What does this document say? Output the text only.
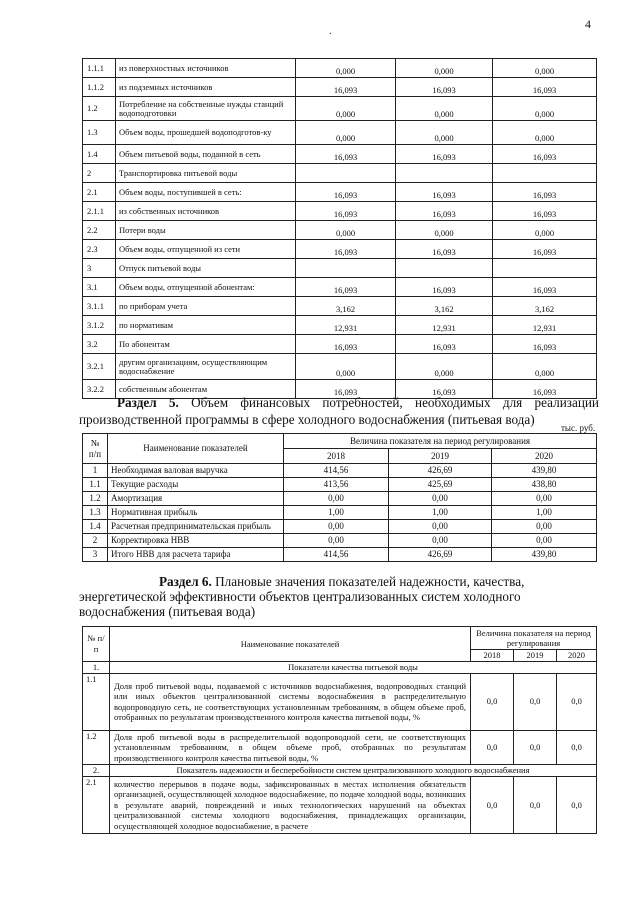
4
.
1.1.1	из поверхностных источников	0,000	0,000	0,000
1.1.2	из подземных источников	16,093	16,093	16,093
1.2	Потребление на собственные нужды станций водоподготовки	0,000	0,000	0,000
1.3	Объем воды, прошедшей водоподготов-ку	0,000	0,000	0,000
1.4	Объем питьевой воды, поданной в сеть	16,093	16,093	16,093
2	Транспортировка питьевой воды			
2.1	Объем воды, поступившей в сеть:	16,093	16,093	16,093
2.1.1	из собственных источников	16,093	16,093	16,093
2.2	Потери воды	0,000	0,000	0,000
2.3	Объем воды, отпущенной из сети	16,093	16,093	16,093
3	Отпуск питьевой воды			
3.1	Объем воды, отпущенной абонентам:	16,093	16,093	16,093
3.1.1	по приборам учета	3,162	3,162	3,162
3.1.2	по нормативам	12,931	12,931	12,931
3.2	По абонентам	16,093	16,093	16,093
3.2.1	другим организациям, осуществляющим водоснабжение	0,000	0,000	0,000
3.2.2	собственным абонентам	16,093	16,093	16,093
Раздел 5. Объем финансовых потребностей, необходимых для реализации производственной программы в сфере холодного водоснабжения (питьевая вода)
тыс. руб.
№ п/п	Наименование показателей	Величина показателя на период регулирования		
		2018	2019	2020
1	Необходимая валовая выручка	414,56	426,69	439,80
1.1	Текущие расходы	413,56	425,69	438,80
1.2	Амортизация	0,00	0,00	0,00
1.3	Нормативная прибыль	1,00	1,00	1,00
1.4	Расчетная предпринимательская прибыль	0,00	0,00	0,00
2	Корректировка НВВ	0,00	0,00	0,00
3	Итого НВВ для расчета тарифа	414,56	426,69	439,80
Раздел 6. Плановые значения показателей надежности, качества, энергетической эффективности объектов централизованных систем холодного водоснабжения (питьевая вода)
№ п/п	Наименование показателей	Величина показателя на период регулирования		
		2018	2019	2020
1.	Показатели качества питьевой воды			
1.1	Доля проб питьевой воды, подаваемой с источников водоснабжения, водопроводных станций или иных объектов централизованной системы водоснабжения в распределительную водопроводную сеть, не соответствующих установленным требованиям, в общем объеме проб, отобранных по результатам производственного контроля качества питьевой воды, %	0,0	0,0	0,0
1.2	Доля проб питьевой воды в распределительной водопроводной сети, не соответствующих установленным требованиям, в общем объеме проб, отобранных по результатам производственного контроля качества питьевой воды, %	0,0	0,0	0,0
2.	Показатель надежности и бесперебойности систем централизованного холодного водоснабжения			
2.1	количество перерывов в подаче воды, зафиксированных в местах исполнения обязательств организацией, осуществляющей холодное водоснабжение, по подаче холодной воды, возникших в результате аварий, повреждений и иных технологических нарушений на объектах централизованной системы холодного водоснабжения, принадлежащих организации, осуществляющей холодное водоснабжение, в расчете	0,0	0,0	0,0
